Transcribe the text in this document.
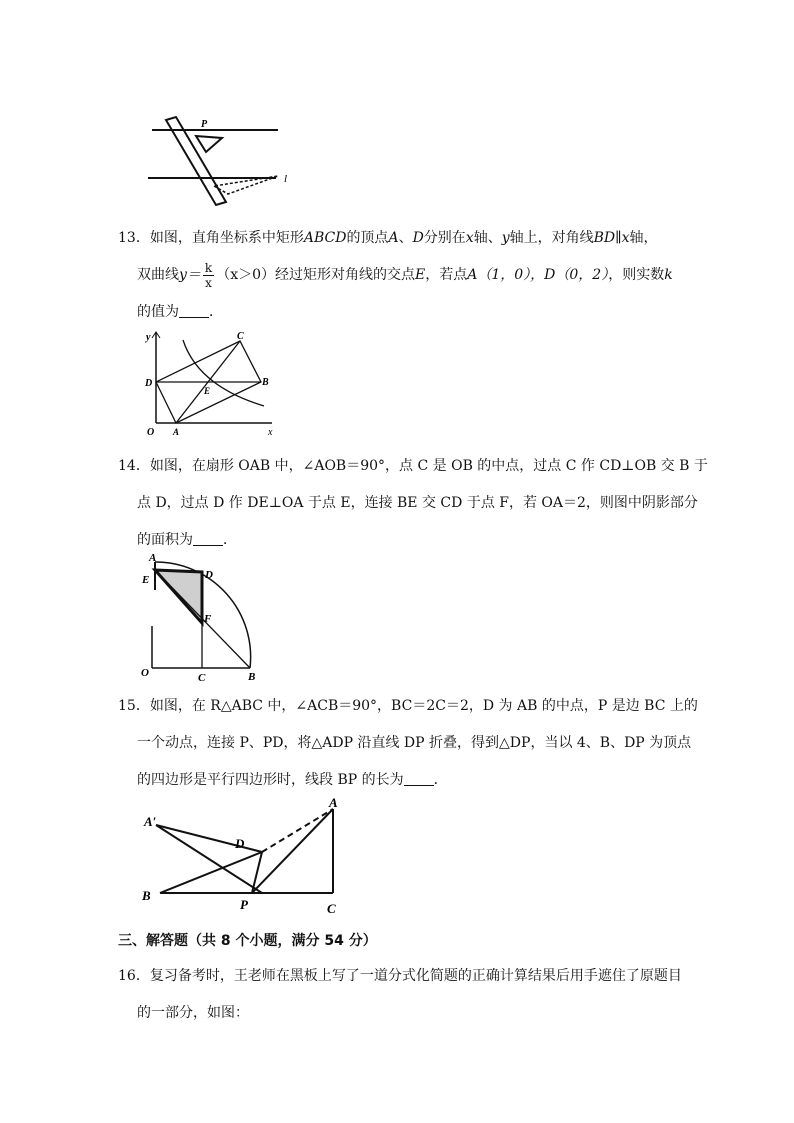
P
l

13．如图，直角坐标系中矩形ABCD的顶点A、D分别在x轴、y轴上，对角线BD∥x轴，

双曲线$y= \frac{k}{x} (x>0)$经过矩形对角线的交点E，若点A（1，0），D（0，2），则实数k

的值为 ．

y
x
C
D	B
E
O A

14．如图，在扇形 OAB 中，∠AOB＝90°，点 C 是 OB 的中点，过点 C 作 CD⊥OB 交 B 于

点 D，过点 D 作 DE⊥OA 于点 E，连接 BE 交 CD 于点 F，若 OA＝2，则图中阴影部分

的面积为 ．

A
E	D
F
O	C	B

15．如图，在 R△ABC 中，∠ACB＝90°，BC＝2C＝2，D 为 AB 的中点，P 是边 BC 上的

一个动点，连接 P、PD，将△ADP 沿直线 DP 折叠，得到△DP，当以 4、B、DP 为顶点

的四边形是平行四边形时，线段 BP 的长为 ．

A′
A
D
B
P	C
三、解答题（共 8 个小题，满分 54 分）

16．复习备考时，王老师在黑板上写了一道分式化简题的正确计算结果后用手遮住了原题目

的一部分，如图：
